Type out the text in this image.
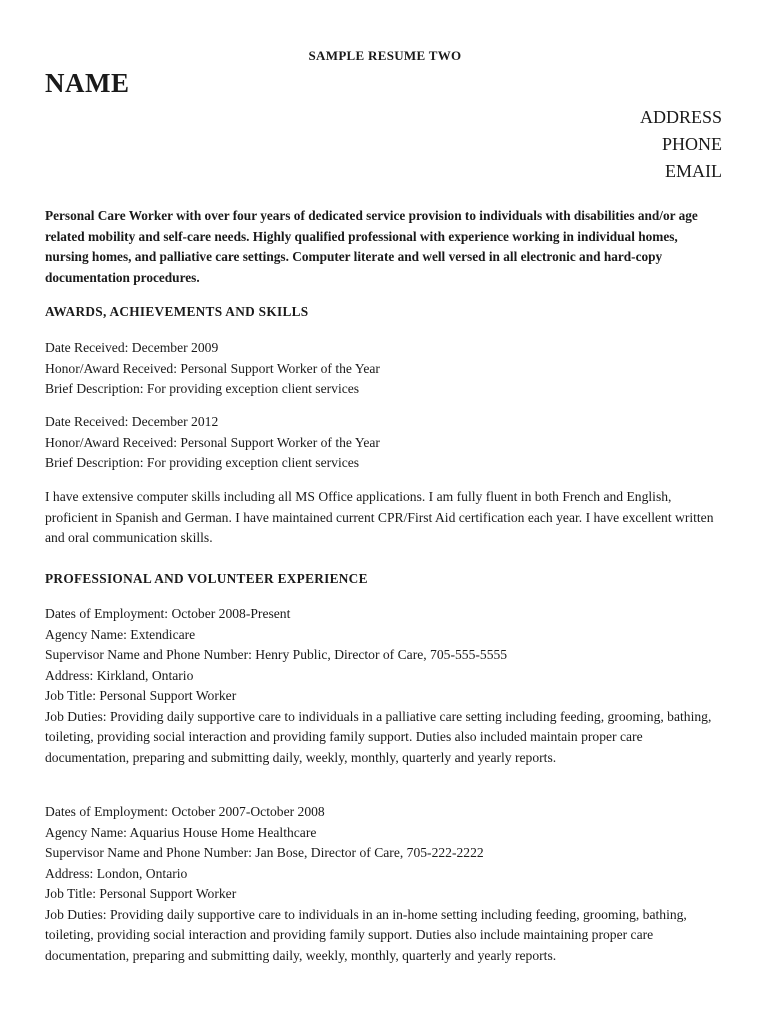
SAMPLE RESUME TWO
NAME
ADDRESS
PHONE
EMAIL
Personal Care Worker with over four years of dedicated service provision to individuals with disabilities and/or age related mobility and self-care needs. Highly qualified professional with experience working in individual homes, nursing homes, and palliative care settings. Computer literate and well versed in all electronic and hard-copy documentation procedures.
AWARDS, ACHIEVEMENTS AND SKILLS
Date Received: December 2009
Honor/Award Received: Personal Support Worker of the Year
Brief Description: For providing exception client services
Date Received: December 2012
Honor/Award Received: Personal Support Worker of the Year
Brief Description: For providing exception client services
I have extensive computer skills including all MS Office applications. I am fully fluent in both French and English, proficient in Spanish and German. I have maintained current CPR/First Aid certification each year. I have excellent written and oral communication skills.
PROFESSIONAL AND VOLUNTEER EXPERIENCE
Dates of Employment: October 2008-Present
Agency Name: Extendicare
Supervisor Name and Phone Number: Henry Public, Director of Care, 705-555-5555
Address: Kirkland, Ontario
Job Title: Personal Support Worker

Job Duties: Providing daily supportive care to individuals in a palliative care setting including feeding, grooming, bathing, toileting, providing social interaction and providing family support. Duties also included maintain proper care documentation, preparing and submitting daily, weekly, monthly, quarterly and yearly reports.

Dates of Employment: October 2007-October 2008
Agency Name: Aquarius House Home Healthcare
Supervisor Name and Phone Number: Jan Bose, Director of Care, 705-222-2222
Address: London, Ontario
Job Title: Personal Support Worker

Job Duties: Providing daily supportive care to individuals in an in-home setting including feeding, grooming, bathing, toileting, providing social interaction and providing family support. Duties also include maintaining proper care documentation, preparing and submitting daily, weekly, monthly, quarterly and yearly reports.
